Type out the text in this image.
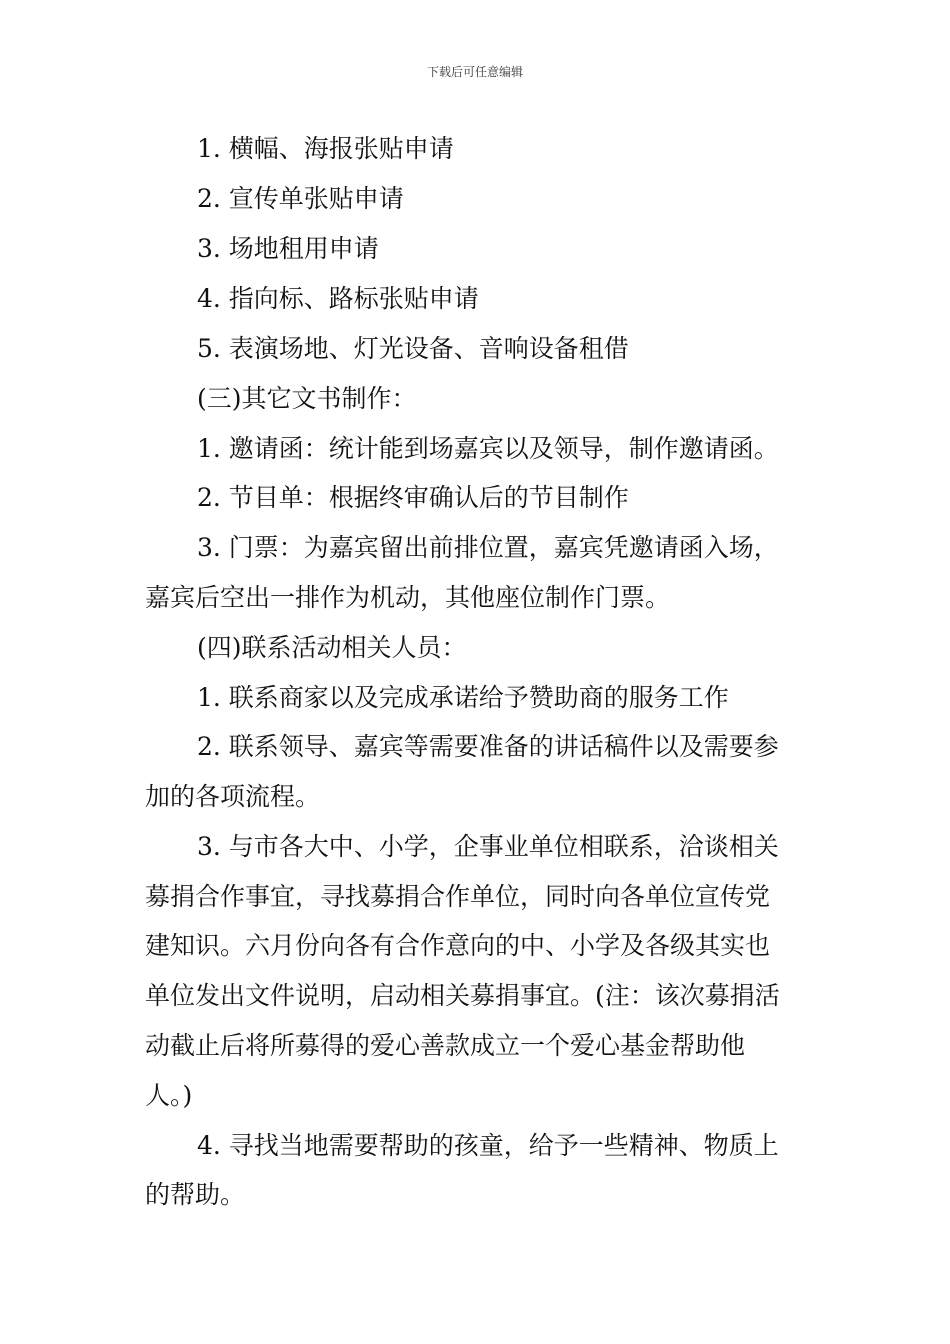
下载后可任意编辑
1. 横幅、海报张贴申请
2. 宣传单张贴申请
3. 场地租用申请
4. 指向标、路标张贴申请
5. 表演场地、灯光设备、音响设备租借
(三)其它文书制作：
1. 邀请函：统计能到场嘉宾以及领导，制作邀请函。
2. 节目单：根据终审确认后的节目制作
3. 门票：为嘉宾留出前排位置，嘉宾凭邀请函入场，
嘉宾后空出一排作为机动，其他座位制作门票。
(四)联系活动相关人员：
1. 联系商家以及完成承诺给予赞助商的服务工作
2. 联系领导、嘉宾等需要准备的讲话稿件以及需要参
加的各项流程。
3. 与市各大中、小学，企事业单位相联系，洽谈相关
募捐合作事宜，寻找募捐合作单位，同时向各单位宣传党
建知识。六月份向各有合作意向的中、小学及各级其实也
单位发出文件说明，启动相关募捐事宜。(注：该次募捐活
动截止后将所募得的爱心善款成立一个爱心基金帮助他
人。)
4. 寻找当地需要帮助的孩童，给予一些精神、物质上
的帮助。
